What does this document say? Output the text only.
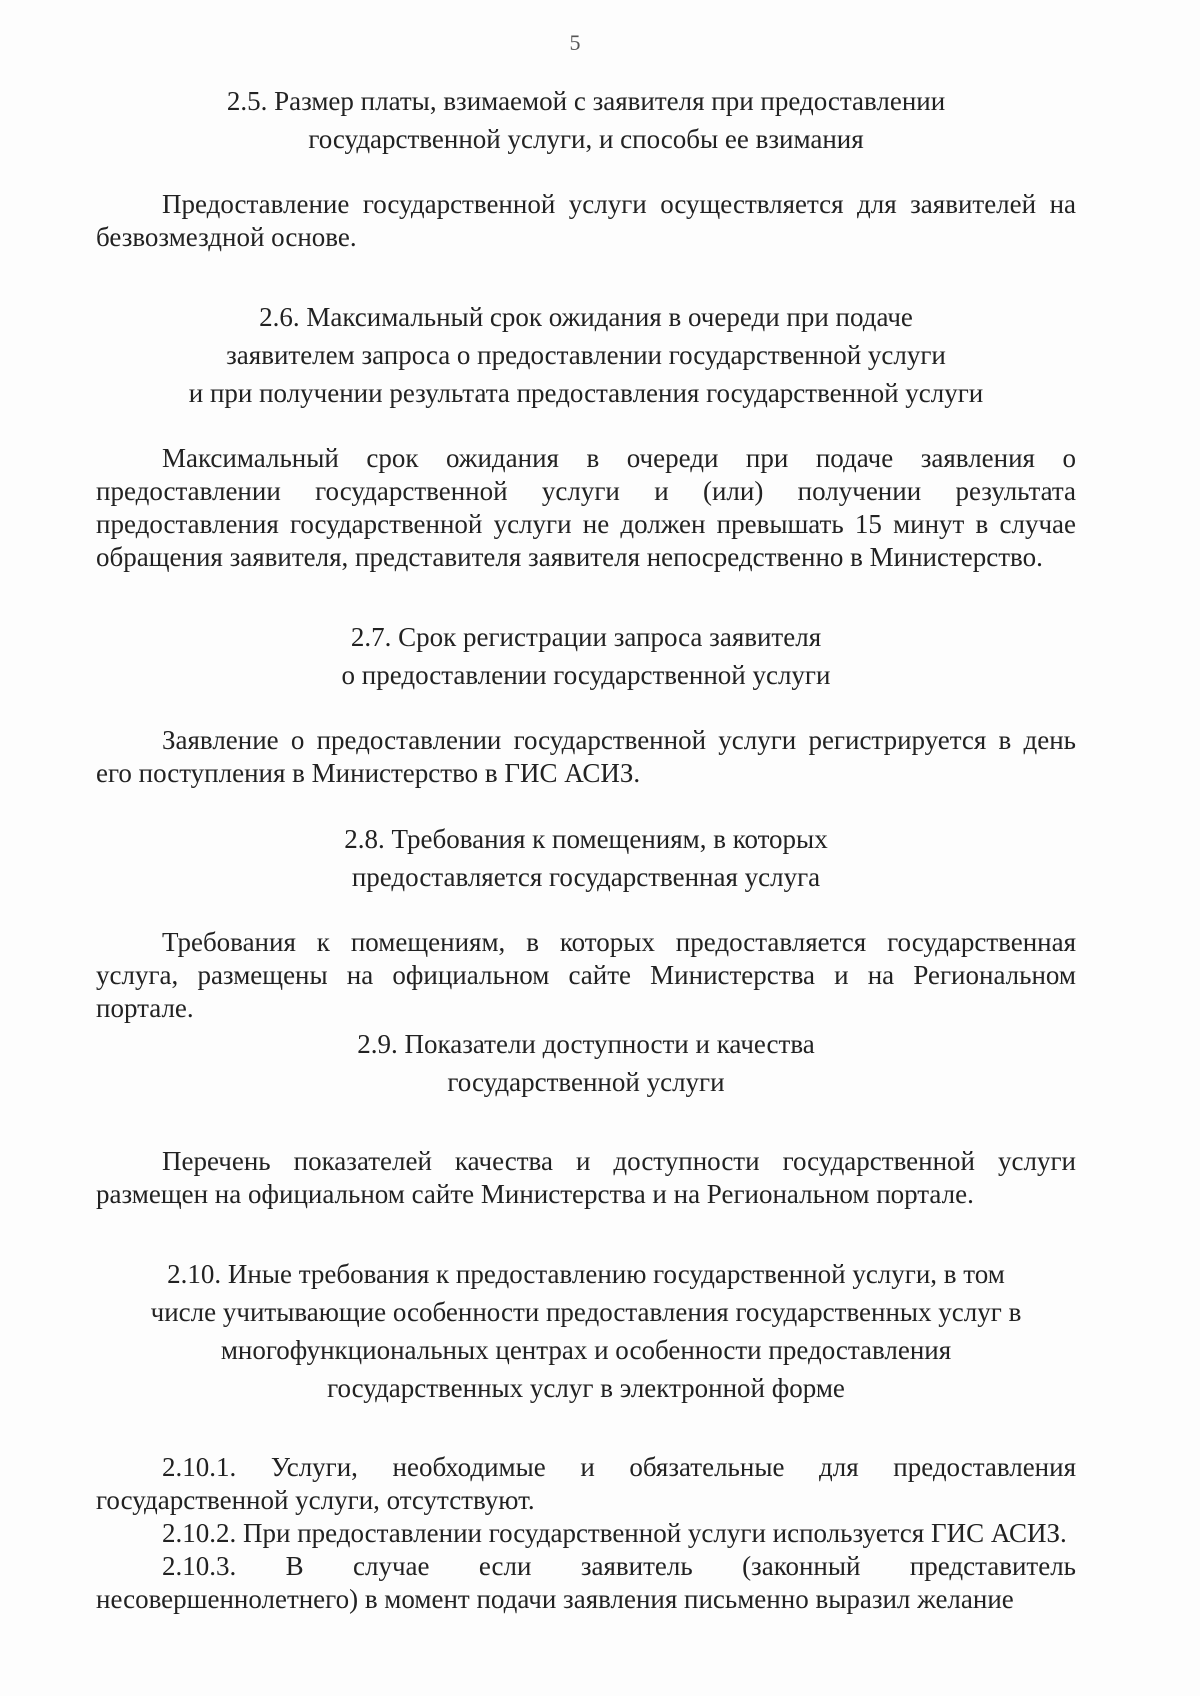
5
2.5. Размер платы, взимаемой с заявителя при предоставлении
государственной услуги, и способы ее взимания

Предоставление государственной услуги осуществляется для заявителей на безвозмездной основе.

2.6. Максимальный срок ожидания в очереди при подаче
заявителем запроса о предоставлении государственной услуги
и при получении результата предоставления государственной услуги

Максимальный срок ожидания в очереди при подаче заявления о предоставлении государственной услуги и (или) получении результата предоставления государственной услуги не должен превышать 15 минут в случае обращения заявителя, представителя заявителя непосредственно в Министерство.

2.7. Срок регистрации запроса заявителя
о предоставлении государственной услуги

Заявление о предоставлении государственной услуги регистрируется в день его поступления в Министерство в ГИС АСИЗ.

2.8. Требования к помещениям, в которых
предоставляется государственная услуга

Требования к помещениям, в которых предоставляется государственная услуга, размещены на официальном сайте Министерства и на Региональном портале.

2.9. Показатели доступности и качества
государственной услуги

Перечень показателей качества и доступности государственной услуги размещен на официальном сайте Министерства и на Региональном портале.

2.10. Иные требования к предоставлению государственной услуги, в том
числе учитывающие особенности предоставления государственных услуг в
многофункциональных центрах и особенности предоставления
государственных услуг в электронной форме

2.10.1. Услуги, необходимые и обязательные для предоставления государственной услуги, отсутствуют.

2.10.2. При предоставлении государственной услуги используется ГИС АСИЗ.

2.10.3. В случае если заявитель (законный представитель несовершеннолетнего) в момент подачи заявления письменно выразил желание
